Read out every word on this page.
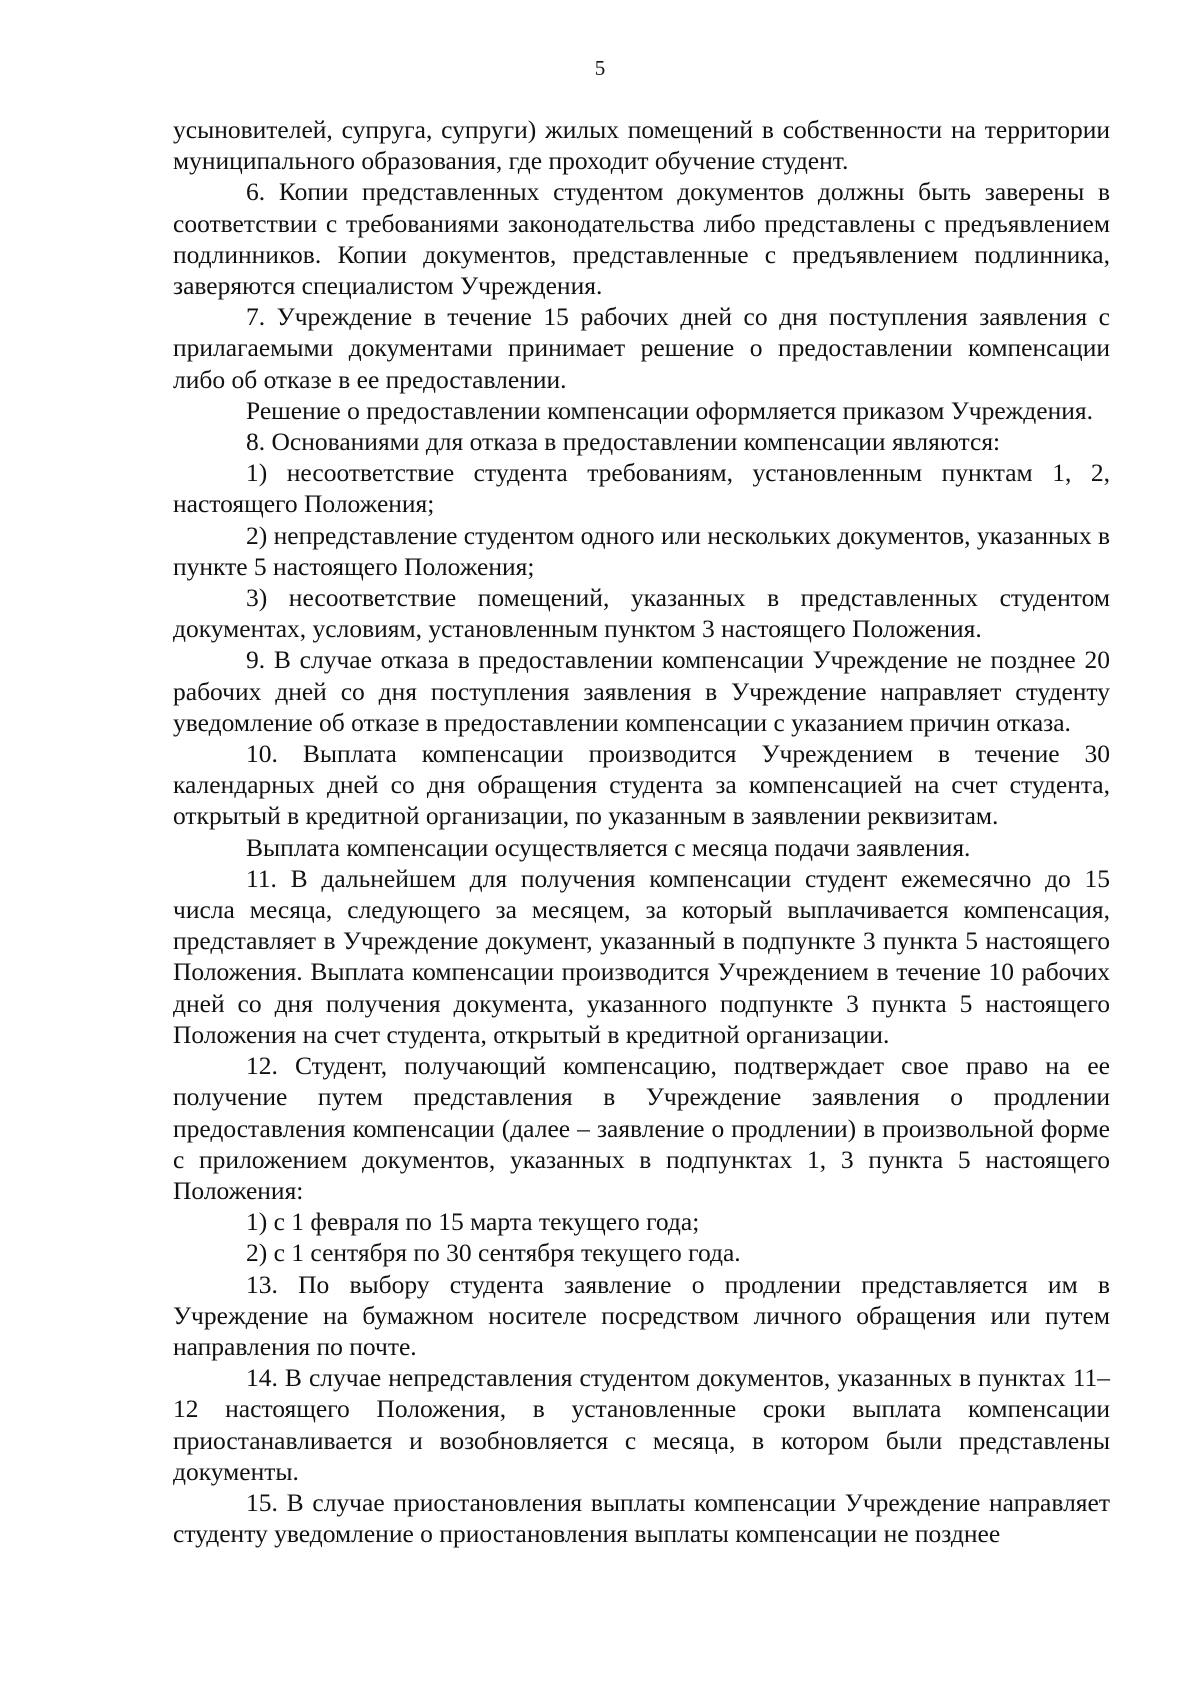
5

усыновителей, супруга, супруги) жилых помещений в собственности на территории муниципального образования, где проходит обучение студент.

6. Копии представленных студентом документов должны быть заверены в соответствии с требованиями законодательства либо представлены с предъявлением подлинников. Копии документов, представленные с предъявлением подлинника, заверяются специалистом Учреждения.

7. Учреждение в течение 15 рабочих дней со дня поступления заявления с прилагаемыми документами принимает решение о предоставлении компенсации либо об отказе в ее предоставлении.

Решение о предоставлении компенсации оформляется приказом Учреждения.

8. Основаниями для отказа в предоставлении компенсации являются:

1) несоответствие студента требованиям, установленным пунктам 1, 2, настоящего Положения;

2) непредставление студентом одного или нескольких документов, указанных в пункте 5 настоящего Положения;

3) несоответствие помещений, указанных в представленных студентом документах, условиям, установленным пунктом 3 настоящего Положения.

9. В случае отказа в предоставлении компенсации Учреждение не позднее 20 рабочих дней со дня поступления заявления в Учреждение направляет студенту уведомление об отказе в предоставлении компенсации с указанием причин отказа.

10. Выплата компенсации производится Учреждением в течение 30 календарных дней со дня обращения студента за компенсацией на счет студента, открытый в кредитной организации, по указанным в заявлении реквизитам.

Выплата компенсации осуществляется с месяца подачи заявления.

11. В дальнейшем для получения компенсации студент ежемесячно до 15 числа месяца, следующего за месяцем, за который выплачивается компенсация, представляет в Учреждение документ, указанный в подпункте 3 пункта 5 настоящего Положения. Выплата компенсации производится Учреждением в течение 10 рабочих дней со дня получения документа, указанного подпункте 3 пункта 5 настоящего Положения на счет студента, открытый в кредитной организации.

12. Студент, получающий компенсацию, подтверждает свое право на ее получение путем представления в Учреждение заявления о продлении предоставления компенсации (далее – заявление о продлении) в произвольной форме с приложением документов, указанных в подпунктах 1, 3 пункта 5 настоящего Положения:

1) с 1 февраля по 15 марта текущего года;

2) с 1 сентября по 30 сентября текущего года.

13. По выбору студента заявление о продлении представляется им в Учреждение на бумажном носителе посредством личного обращения или путем направления по почте.

14. В случае непредставления студентом документов, указанных в пунктах 11–12 настоящего Положения, в установленные сроки выплата компенсации приостанавливается и возобновляется с месяца, в котором были представлены документы.

15. В случае приостановления выплаты компенсации Учреждение направляет студенту уведомление о приостановления выплаты компенсации не позднее
